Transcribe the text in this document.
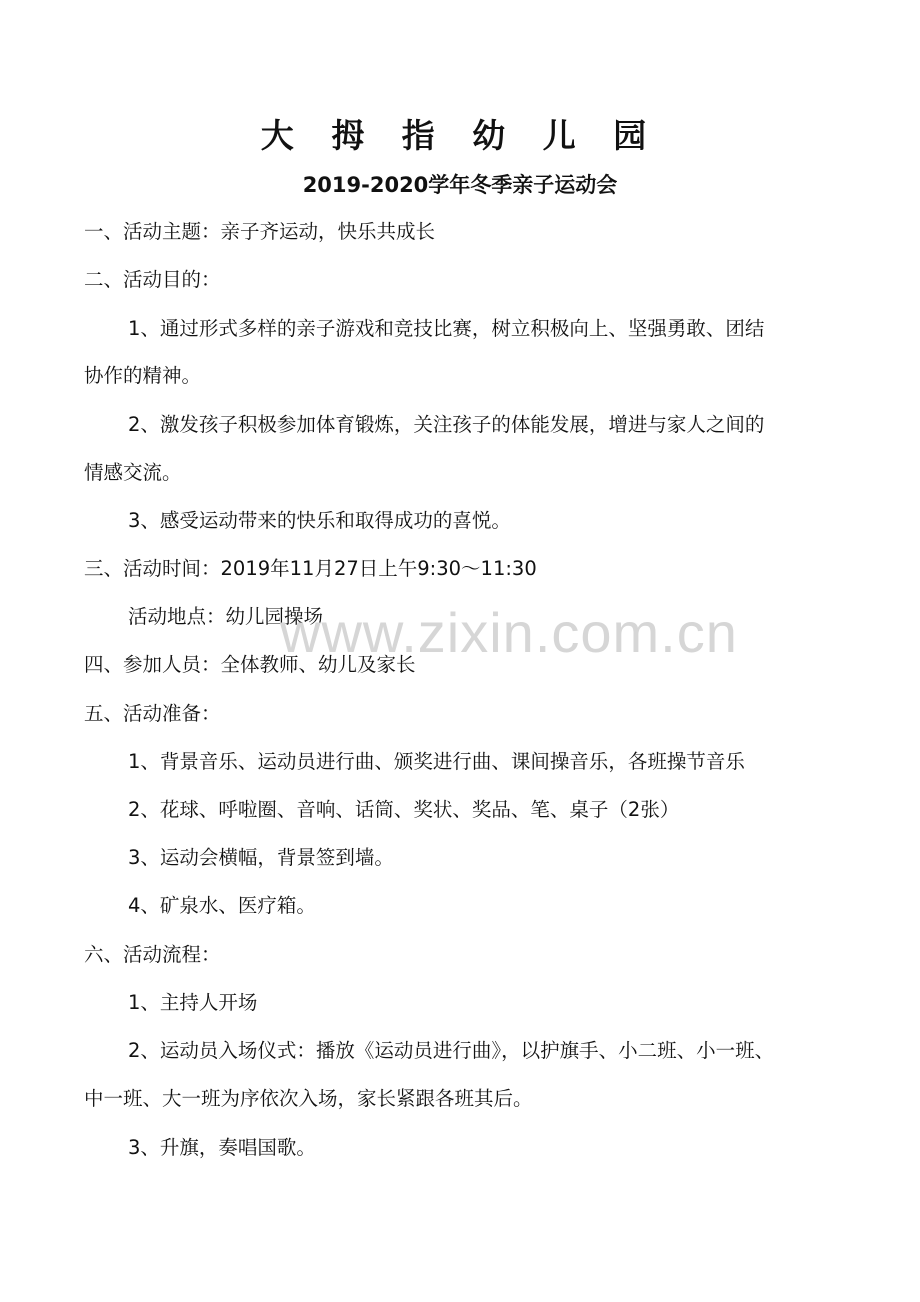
大 拇 指 幼 儿 园
2019-2020学年冬季亲子运动会
一、活动主题：亲子齐运动，快乐共成长
二、活动目的：
1、通过形式多样的亲子游戏和竞技比赛，树立积极向上、坚强勇敢、团结
协作的精神。
2、激发孩子积极参加体育锻炼，关注孩子的体能发展，增进与家人之间的
情感交流。
3、感受运动带来的快乐和取得成功的喜悦。
三、活动时间：2019年11月27日上午9:30～11:30
活动地点：幼儿园操场
四、参加人员：全体教师、幼儿及家长
五、活动准备：
1、背景音乐、运动员进行曲、颁奖进行曲、课间操音乐，各班操节音乐
2、花球、呼啦圈、音响、话筒、奖状、奖品、笔、桌子（2张）
3、运动会横幅，背景签到墙。
4、矿泉水、医疗箱。
六、活动流程：
1、主持人开场
2、运动员入场仪式：播放《运动员进行曲》，以护旗手、小二班、小一班、
中一班、大一班为序依次入场，家长紧跟各班其后。
3、升旗，奏唱国歌。
www.zixin.com.cn
